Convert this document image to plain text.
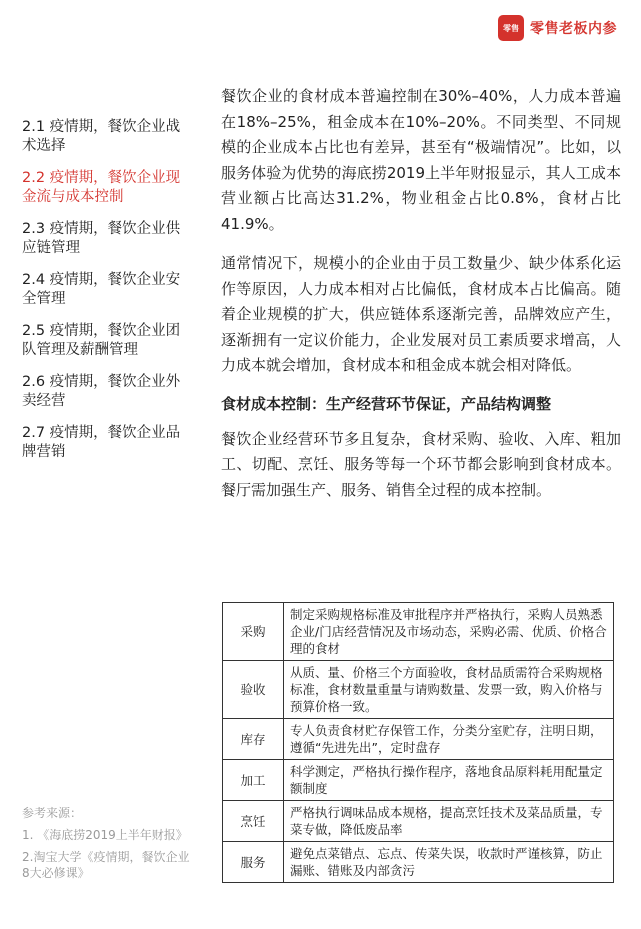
零售 零售老板内参
2.1 疫情期，餐饮企业战术选择
2.2 疫情期，餐饮企业现金流与成本控制
2.3 疫情期，餐饮企业供应链管理
2.4 疫情期，餐饮企业安全管理
2.5 疫情期，餐饮企业团队管理及薪酬管理
2.6 疫情期，餐饮企业外卖经营
2.7 疫情期，餐饮企业品牌营销
参考来源：
1. 《海底捞2019上半年财报》
2.淘宝大学《疫情期，餐饮企业8大必修课》

餐饮企业的食材成本普遍控制在30%–40%，人力成本普遍在18%–25%，租金成本在10%–20%。不同类型、不同规模的企业成本占比也有差异，甚至有“极端情况”。比如，以服务体验为优势的海底捞2019上半年财报显示，其人工成本营业额占比高达31.2%，物业租金占比0.8%，食材占比41.9%。

通常情况下，规模小的企业由于员工数量少、缺少体系化运作等原因，人力成本相对占比偏低，食材成本占比偏高。随着企业规模的扩大，供应链体系逐渐完善，品牌效应产生，逐渐拥有一定议价能力，企业发展对员工素质要求增高，人力成本就会增加，食材成本和租金成本就会相对降低。

食材成本控制：生产经营环节保证，产品结构调整

餐饮企业经营环节多且复杂，食材采购、验收、入库、粗加工、切配、烹饪、服务等每一个环节都会影响到食材成本。餐厅需加强生产、服务、销售全过程的成本控制。

采购	制定采购规格标准及审批程序并严格执行，采购人员熟悉企业/门店经营情况及市场动态，采购必需、优质、价格合理的食材
验收	从质、量、价格三个方面验收，食材品质需符合采购规格标准，食材数量重量与请购数量、发票一致，购入价格与预算价格一致。
库存	专人负责食材贮存保管工作，分类分室贮存，注明日期，遵循“先进先出”，定时盘存
加工	科学测定，严格执行操作程序，落地食品原料耗用配量定额制度
烹饪	严格执行调味品成本规格，提高烹饪技术及菜品质量，专菜专做，降低废品率
服务	避免点菜错点、忘点、传菜失误，收款时严谨核算，防止漏账、错账及内部贪污
